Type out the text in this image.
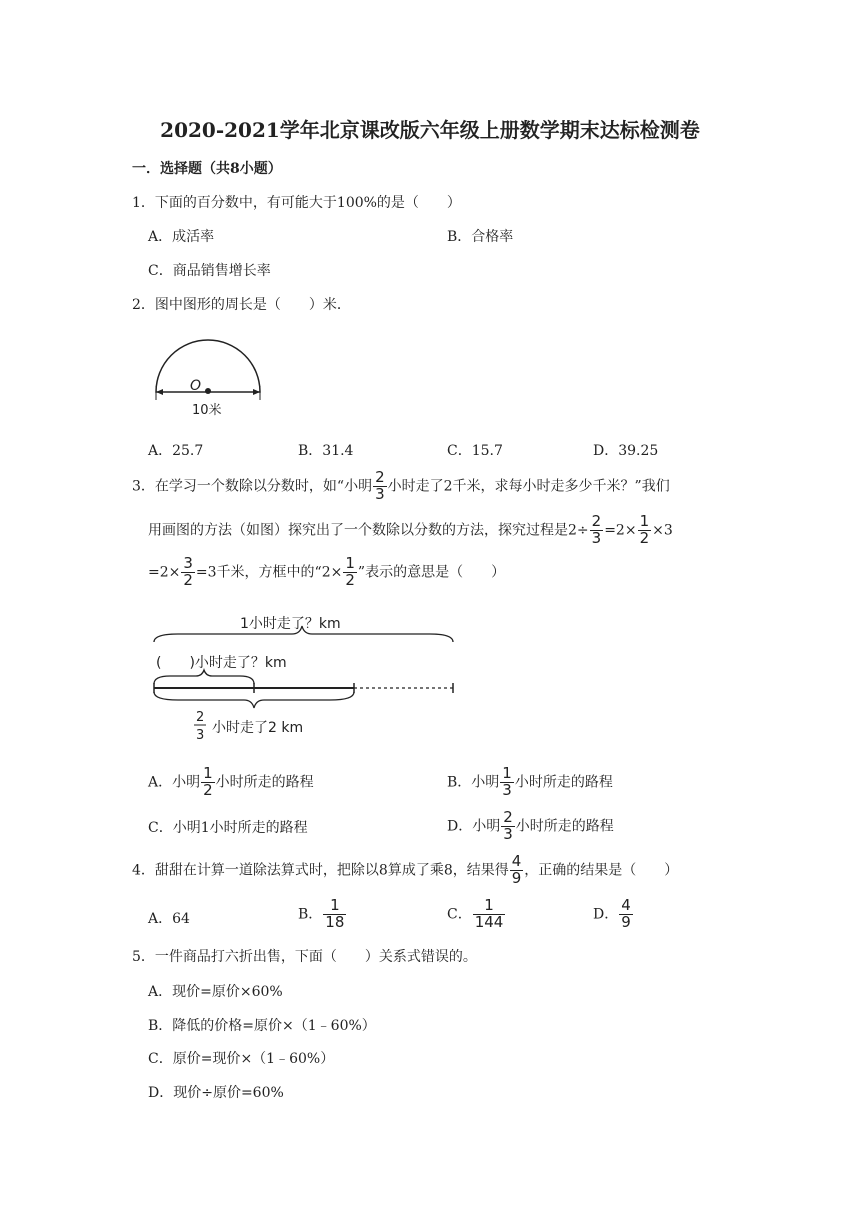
2020-2021学年北京课改版六年级上册数学期末达标检测卷
一．选择题（共8小题）
1．下面的百分数中，有可能大于100%的是（　　）
A．成活率	B．合格率
C．商品销售增长率
2．图中图形的周长是（　　）米．
O
10米
A．25.7	B．31.4	C．15.7	D．39.25
3．在学习一个数除以分数时，如“小明 $\frac{2}{3}$ 小时走了2千米，求每小时走多少千米？”我们
用画图的方法（如图）探究出了一个数除以分数的方法，探究过程是$2\div \frac{2}{3} =2\times \frac{1}{2} \times 3$
$=2\times \frac{3}{2} =3$千米，方框中的“$2\times \frac{1}{2}$ ”表示的意思是（　　）
1小时走了？km
(　　)小时走了？km
2
3 小时走了2 km
A．小明 $\frac{1}{2}$ 小时所走的路程	B．小明 $\frac{1}{3}$ 小时所走的路程
C．小明1小时所走的路程	D．小明 $\frac{2}{3}$ 小时所走的路程
4．甜甜在计算一道除法算式时，把除以8算成了乘8，结果得 $\frac{4}{9}$ ，正确的结果是（　　）
A．64	B． $\frac{1}{18}$	C． $\frac{1}{144}$	D． $\frac{4}{9}$
5．一件商品打六折出售，下面（　　）关系式错误的。
A．现价=原价×60%
B．降低的价格=原价×（1﹣60%）
C．原价=现价×（1﹣60%）
D．现价÷原价=60%
